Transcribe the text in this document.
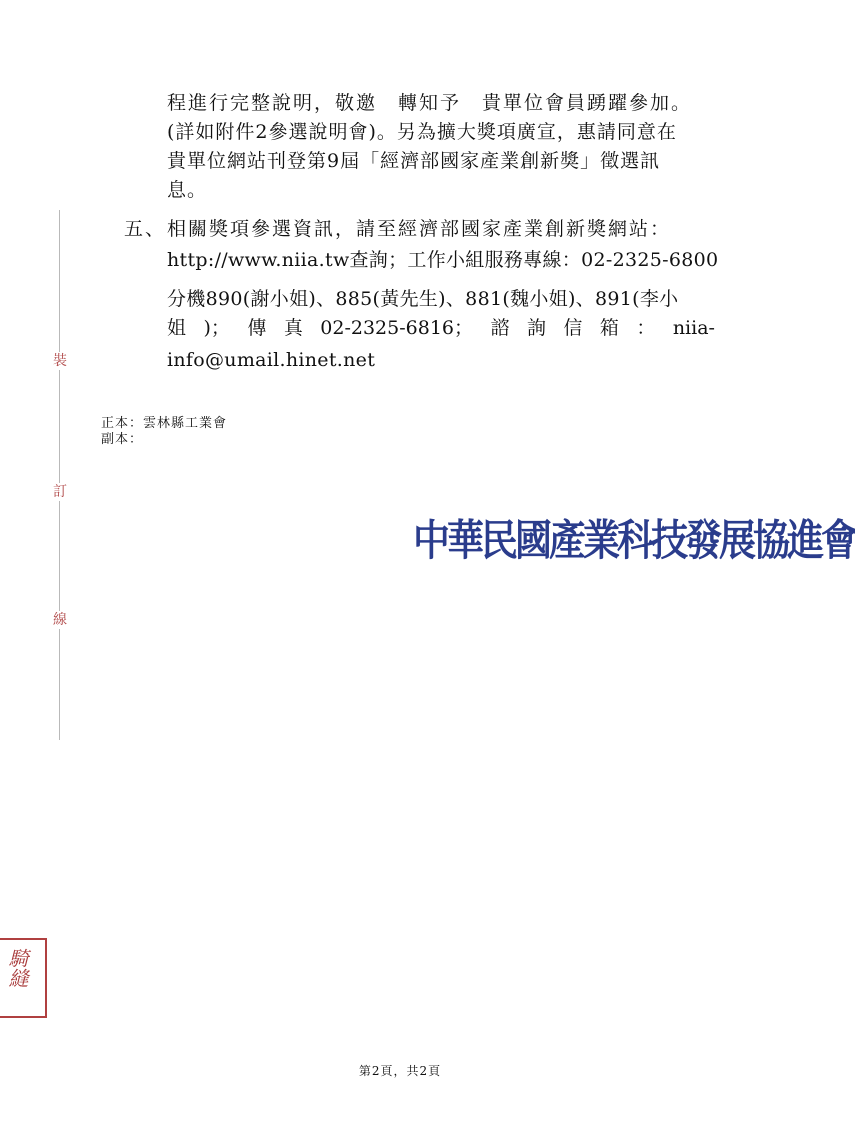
裝
訂
線
程進行完整說明，敬邀　轉知予　貴單位會員踴躍參加。
(詳如附件2參選說明會)。另為擴大獎項廣宣，惠請同意在
貴單位網站刊登第9屆「經濟部國家產業創新獎」徵選訊
息。
五、 相關獎項參選資訊，請至經濟部國家產業創新獎網站：
http://www.niia.tw查詢；工作小組服務專線：02-2325-6800
分機890(謝小姐)、885(黃先生)、881(魏小姐)、891(李小
姐 )； 傳 真 02-2325-6816； 諮 詢 信 箱 ： niia-
info@umail.hinet.net
正本：雲林縣工業會
副本：
中華民國產業科技發展協進會
騎縫
第2頁，共2頁
